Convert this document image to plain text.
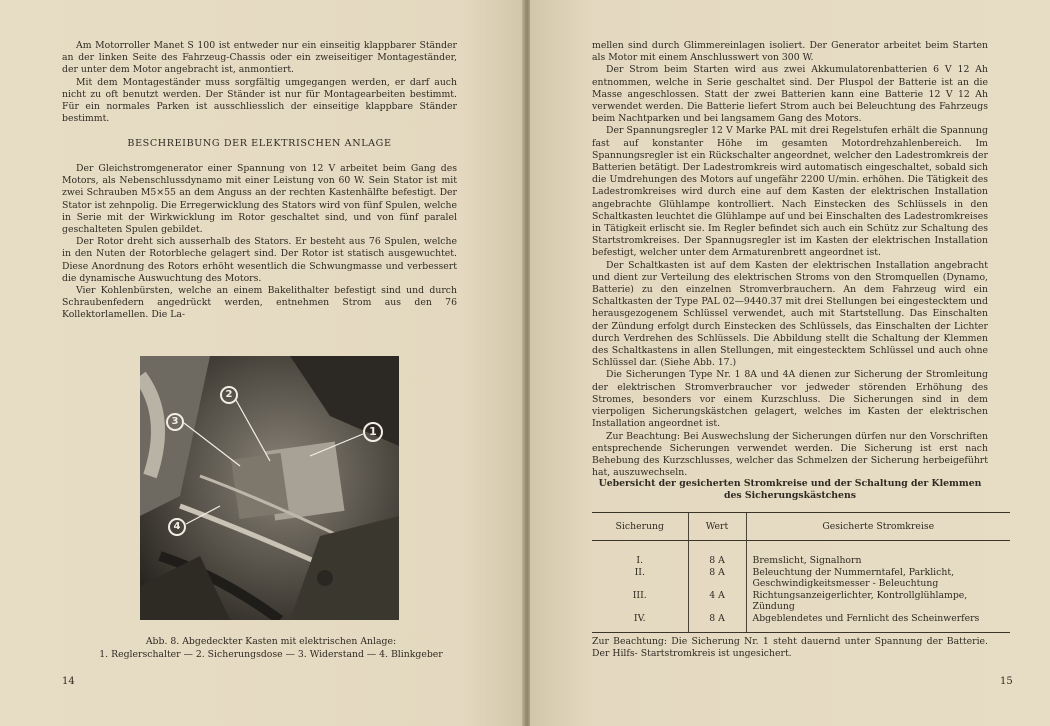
Am Motorroller Manet S 100 ist entweder nur ein einseitig klappbarer Ständer an der linken Seite des Fahrzeug-Chassis oder ein zweiseitiger Montageständer, der unter dem Motor angebracht ist, anmontiert.

Mit dem Montageständer muss sorgfältig umgegangen werden, er darf auch nicht zu oft benutzt werden. Der Ständer ist nur für Montagearbeiten bestimmt. Für ein normales Parken ist ausschliesslich der einseitige klappbare Ständer bestimmt.

BESCHREIBUNG DER ELEKTRISCHEN ANLAGE

Der Gleichstromgenerator einer Spannung von 12 V arbeitet beim Gang des Motors, als Nebenschlussdynamo mit einer Leistung von 60 W. Sein Stator ist mit zwei Schrauben M5×55 an dem Anguss an der rechten Kastenhälfte befestigt. Der Stator ist zehnpolig. Die Erregerwicklung des Stators wird von fünf Spulen, welche in Serie mit der Wirkwicklung im Rotor geschaltet sind, und von fünf paralel geschalteten Spulen gebildet.

Der Rotor dreht sich ausserhalb des Stators. Er besteht aus 76 Spulen, welche in den Nuten der Rotorbleche gelagert sind. Der Rotor ist statisch ausgewuchtet. Diese Anordnung des Rotors erhöht wesentlich die Schwungmasse und verbessert die dynamische Auswuchtung des Motors.

Vier Kohlenbürsten, welche an einem Bakelithalter befestigt sind und durch Schraubenfedern angedrückt werden, entnehmen Strom aus den 76 Kollektorlamellen. Die La-

1
2
3
4
Abb. 8. Abgedeckter Kasten mit elektrischen Anlage:
1. Reglerschalter — 2. Sicherungsdose — 3. Widerstand — 4. Blinkgeber
14

mellen sind durch Glimmereinlagen isoliert. Der Generator arbeitet beim Starten als Motor mit einem Anschlusswert von 300 W.

Der Strom beim Starten wird aus zwei Akkumulatorenbatterien 6 V 12 Ah entnommen, welche in Serie geschaltet sind. Der Pluspol der Batterie ist an die Masse angeschlossen. Statt der zwei Batterien kann eine Batterie 12 V 12 Ah verwendet werden. Die Batterie liefert Strom auch bei Beleuchtung des Fahrzeugs beim Nachtparken und bei langsamem Gang des Motors.

Der Spannungsregler 12 V Marke PAL mit drei Regelstufen erhält die Spannung fast auf konstanter Höhe im gesamten Motordrehzahlenbereich. Im Spannungsregler ist ein Rückschalter angeordnet, welcher den Ladestromkreis der Batterien betätigt. Der Ladestromkreis wird automatisch eingeschaltet, sobald sich die Umdrehungen des Motors auf ungefähr 2200 U/min. erhöhen. Die Tätigkeit des Ladestromkreises wird durch eine auf dem Kasten der elektrischen Installation angebrachte Glühlampe kontrolliert. Nach Einstecken des Schlüssels in den Schaltkasten leuchtet die Glühlampe auf und bei Einschalten des Ladestromkreises in Tätigkeit erlischt sie. Im Regler befindet sich auch ein Schütz zur Schaltung des Startstromkreises. Der Spannugsregler ist im Kasten der elektrischen Installation befestigt, welcher unter dem Armaturenbrett angeordnet ist.

Der Schaltkasten ist auf dem Kasten der elektrischen Installation angebracht und dient zur Verteilung des elektrischen Stroms von den Stromquellen (Dynamo, Batterie) zu den einzelnen Stromverbrauchern. An dem Fahrzeug wird ein Schaltkasten der Type PAL 02—9440.37 mit drei Stellungen bei eingestecktem und herausgezogenem Schlüssel verwendet, auch mit Startstellung. Das Einschalten der Zündung erfolgt durch Einstecken des Schlüssels, das Einschalten der Lichter durch Verdrehen des Schlüssels. Die Abbildung stellt die Schaltung der Klemmen des Schaltkastens in allen Stellungen, mit eingestecktem Schlüssel und auch ohne Schlüssel dar. (Siehe Abb. 17.)

Die Sicherungen Type Nr. 1 8A und 4A dienen zur Sicherung der Stromleitung der elektrischen Stromverbraucher vor jedweder störenden Erhöhung des Stromes, besonders vor einem Kurzschluss. Die Sicherungen sind in dem vierpoligen Sicherungskästchen gelagert, welches im Kasten der elektrischen Installation angeordnet ist.

Zur Beachtung: Bei Auswechslung der Sicherungen dürfen nur den Vorschriften entsprechende Sicherungen verwendet werden. Die Sicherung ist erst nach Behebung des Kurzschlusses, welcher das Schmelzen der Sicherung herbeigeführt hat, auszuwechseln.

Uebersicht der gesicherten Stromkreise und der Schaltung der Klemmen
des Sicherungskästchens
Zur Beachtung: Die Sicherung Nr. 1 steht dauernd unter Spannung der Batterie. Der Hilfs- Startstromkreis ist ungesichert.
15
Sicherung	Wert	Gesicherte Stromkreise
I.	8 A	Bremslicht, Signalhorn
II.	8 A	Beleuchtung der Nummerntafel, Parklicht, Geschwindigkeitsmesser - Beleuchtung
III.	4 A	Richtungsanzeigerlichter, Kontrollglühlampe, Zündung
IV.	8 A	Abgeblendetes und Fernlicht des Scheinwerfers
